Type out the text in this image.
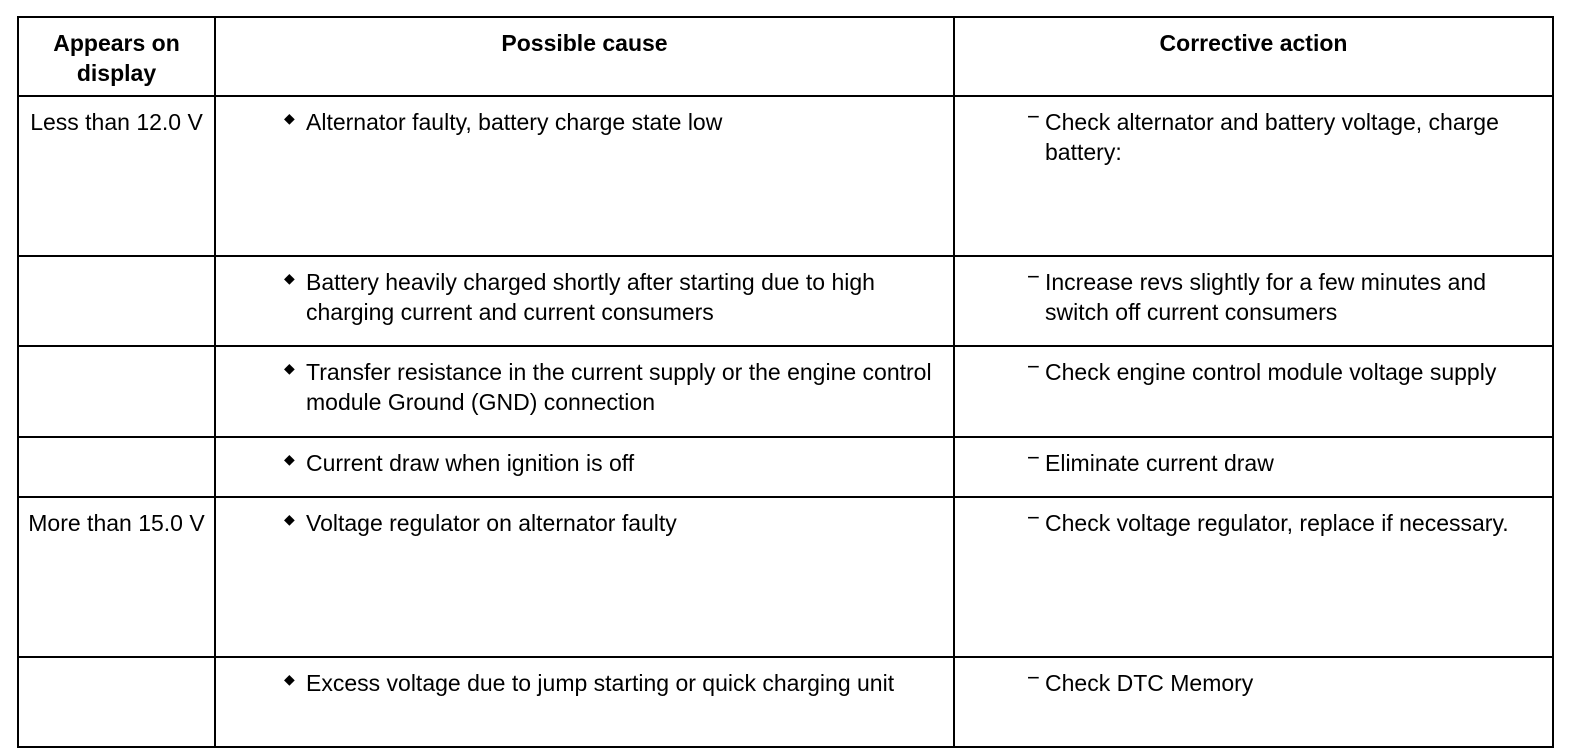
Appears on display	Possible cause	Corrective action
Less than 12.0 V	◆ Alternator faulty, battery charge state low	− Check alternator and battery voltage, charge battery:

	◆ Battery heavily charged shortly after starting due to high charging current and current consumers	− Increase revs slightly for a few minutes and switch off current consumers

	◆ Transfer resistance in the current supply or the engine control module Ground (GND) connection	− Check engine control module voltage supply

	◆ Current draw when ignition is off	− Eliminate current draw

More than 15.0 V	◆ Voltage regulator on alternator faulty	− Check voltage regulator, replace if necessary.

	◆ Excess voltage due to jump starting or quick charging unit	− Check DTC Memory
